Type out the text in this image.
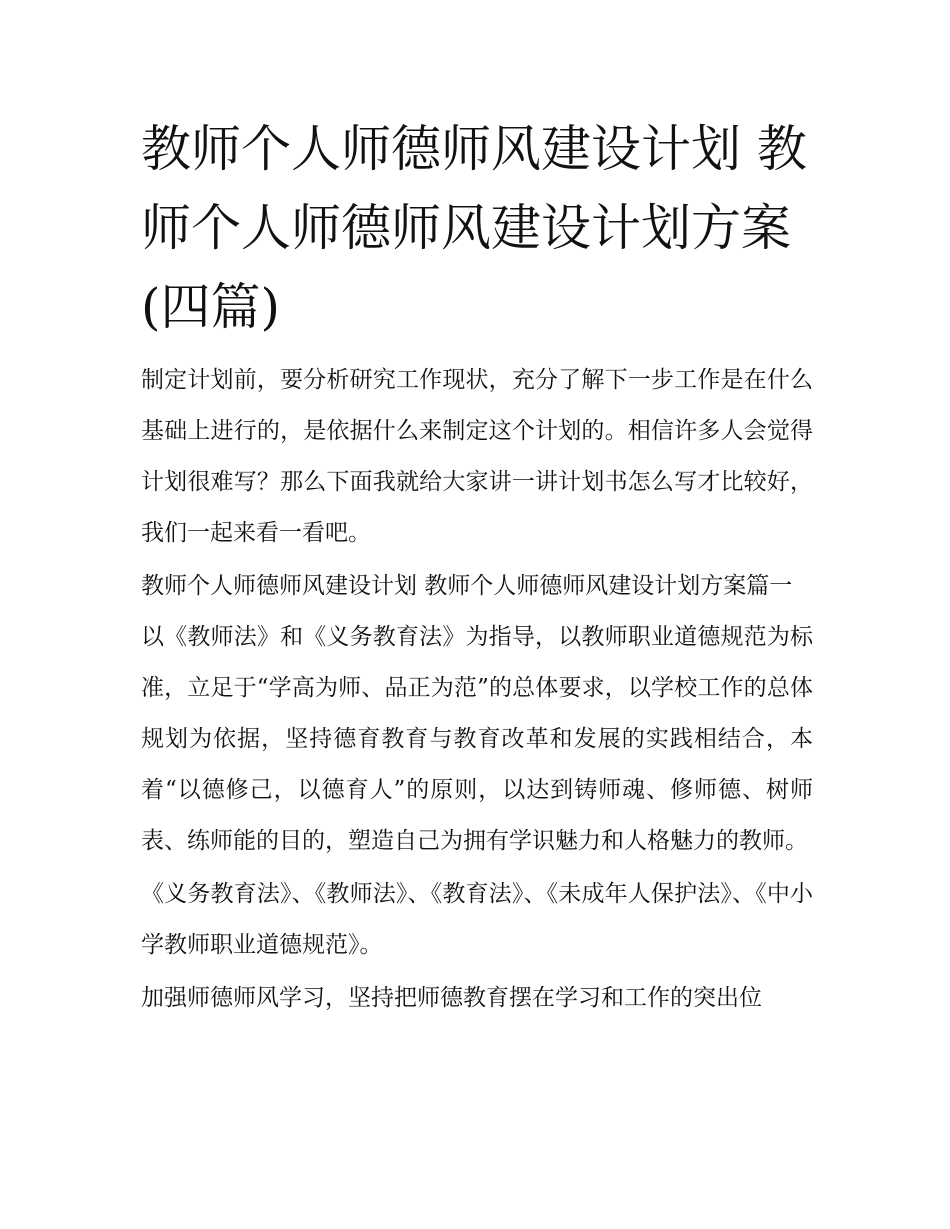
教师个人师德师风建设计划 教师个人师德师风建设计划方案(四篇)

制定计划前，要分析研究工作现状，充分了解下一步工作是在什么基础上进行的，是依据什么来制定这个计划的。相信许多人会觉得计划很难写？那么下面我就给大家讲一讲计划书怎么写才比较好，我们一起来看一看吧。

教师个人师德师风建设计划 教师个人师德师风建设计划方案篇一

以《教师法》和《义务教育法》为指导，以教师职业道德规范为标准，立足于“学高为师、品正为范”的总体要求，以学校工作的总体规划为依据，坚持德育教育与教育改革和发展的实践相结合，本着“以德修己，以德育人”的原则，以达到铸师魂、修师德、树师表、练师能的目的，塑造自己为拥有学识魅力和人格魅力的教师。

《义务教育法》、《教师法》、《教育法》、《未成年人保护法》、《中小学教师职业道德规范》。

加强师德师风学习，坚持把师德教育摆在学习和工作的突出位
